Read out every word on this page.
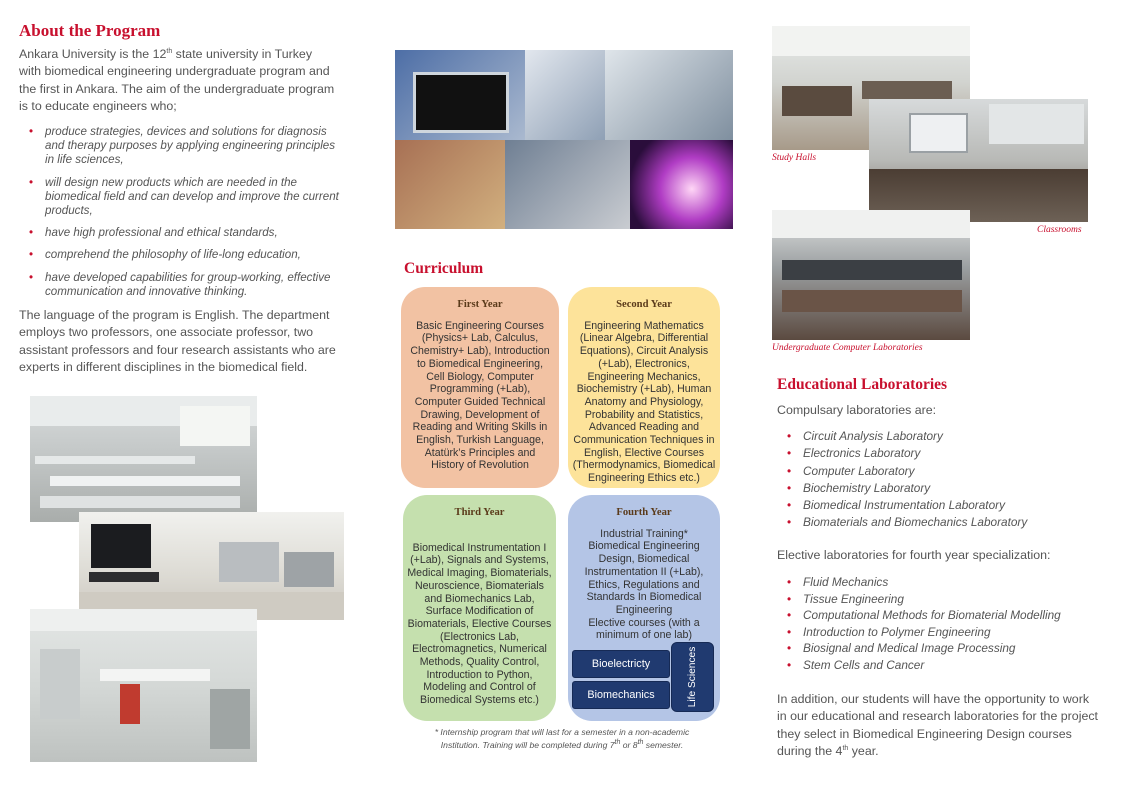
About the Program
Ankara University is the 12th state university in Turkey with biomedical engineering undergraduate program and the first in Ankara. The aim of the undergraduate program is to educate engineers who;
• produce strategies, devices and solutions for diagnosis and therapy purposes by applying engineering principles in life sciences,
• will design new products which are needed in the biomedical field and can develop and improve the current products,
• have high professional and ethical standards,
• comprehend the philosophy of life-long education,
• have developed capabilities for group-working, effective communication and innovative thinking.
The language of the program is English. The department employs two professors, one associate professor, two assistant professors and four research assistants who are experts in different disciplines in the biomedical field.
Curriculum
First Year
Basic Engineering Courses (Physics+ Lab, Calculus, Chemistry+ Lab), Introduction to Biomedical Engineering, Cell Biology, Computer Programming (+Lab), Computer Guided Technical Drawing, Development of Reading and Writing Skills in English, Turkish Language, Atatürk’s Principles and History of Revolution
Second Year
Engineering Mathematics (Linear Algebra, Differential Equations), Circuit Analysis (+Lab), Electronics, Engineering Mechanics, Biochemistry (+Lab), Human Anatomy and Physiology, Probability and Statistics, Advanced Reading and Communication Techniques in English, Elective Courses (Thermodynamics, Biomedical Engineering Ethics etc.)
Third Year
Biomedical Instrumentation I (+Lab), Signals and Systems, Medical Imaging, Biomaterials, Neuroscience, Biomaterials and Biomechanics Lab, Surface Modification of Biomaterials, Elective Courses (Electronics Lab, Electromagnetics, Numerical Methods, Quality Control, Introduction to Python, Modeling and Control of Biomedical Systems etc.)
Fourth Year
Industrial Training* Biomedical Engineering Design, Biomedical Instrumentation II (+Lab), Ethics, Regulations and Standards In Biomedical Engineering
Elective courses (with a minimum of one lab)
Bioelectricty
Biomechanics	Life Sciences
* Internship program that will last for a semester in a non-academic
Institution. Training will be completed during 7th or 8th semester.
Study Halls
Classrooms
Undergraduate Computer Laboratories
Educational Laboratories
Compulsary laboratories are:
• Circuit Analysis Laboratory
• Electronics Laboratory
• Computer Laboratory
• Biochemistry Laboratory
• Biomedical Instrumentation Laboratory
• Biomaterials and Biomechanics Laboratory
Elective laboratories for fourth year specialization:
• Fluid Mechanics
• Tissue Engineering
• Computational Methods for Biomaterial Modelling
• Introduction to Polymer Engineering
• Biosignal and Medical Image Processing
• Stem Cells and Cancer
In addition, our students will have the opportunity to work in our educational and research laboratories for the project they select in Biomedical Engineering Design courses during the 4th year.
